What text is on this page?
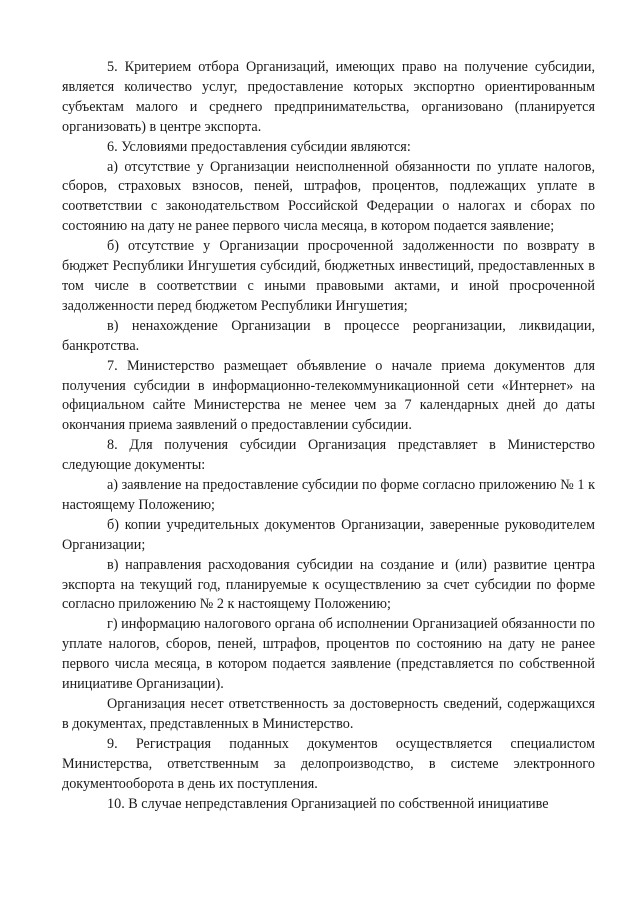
5. Критерием отбора Организаций, имеющих право на получение субсидии, является количество услуг, предоставление которых экспортно ориентированным субъектам малого и среднего предпринимательства, организовано (планируется организовать) в центре экспорта.

6. Условиями предоставления субсидии являются:

а) отсутствие у Организации неисполненной обязанности по уплате налогов, сборов, страховых взносов, пеней, штрафов, процентов, подлежащих уплате в соответствии с законодательством Российской Федерации о налогах и сборах по состоянию на дату не ранее первого числа месяца, в котором подается заявление;

б) отсутствие у Организации просроченной задолженности по возврату в бюджет Республики Ингушетия субсидий, бюджетных инвестиций, предоставленных в том числе в соответствии с иными правовыми актами, и иной просроченной задолженности перед бюджетом Республики Ингушетия;

в) ненахождение Организации в процессе реорганизации, ликвидации, банкротства.

7. Министерство размещает объявление о начале приема документов для получения субсидии в информационно-телекоммуникационной сети «Интернет» на официальном сайте Министерства не менее чем за 7 календарных дней до даты окончания приема заявлений о предоставлении субсидии.

8. Для получения субсидии Организация представляет в Министерство следующие документы:

а) заявление на предоставление субсидии по форме согласно приложению № 1 к настоящему Положению;

б) копии учредительных документов Организации, заверенные руководителем Организации;

в) направления расходования субсидии на создание и (или) развитие центра экспорта на текущий год, планируемые к осуществлению за счет субсидии по форме согласно приложению № 2 к настоящему Положению;

г) информацию налогового органа об исполнении Организацией обязанности по уплате налогов, сборов, пеней, штрафов, процентов по состоянию на дату не ранее первого числа месяца, в котором подается заявление (представляется по собственной инициативе Организации).

Организация несет ответственность за достоверность сведений, содержащихся в документах, представленных в Министерство.

9. Регистрация поданных документов осуществляется специалистом Министерства, ответственным за делопроизводство, в системе электронного документооборота в день их поступления.

10. В случае непредставления Организацией по собственной инициативе
